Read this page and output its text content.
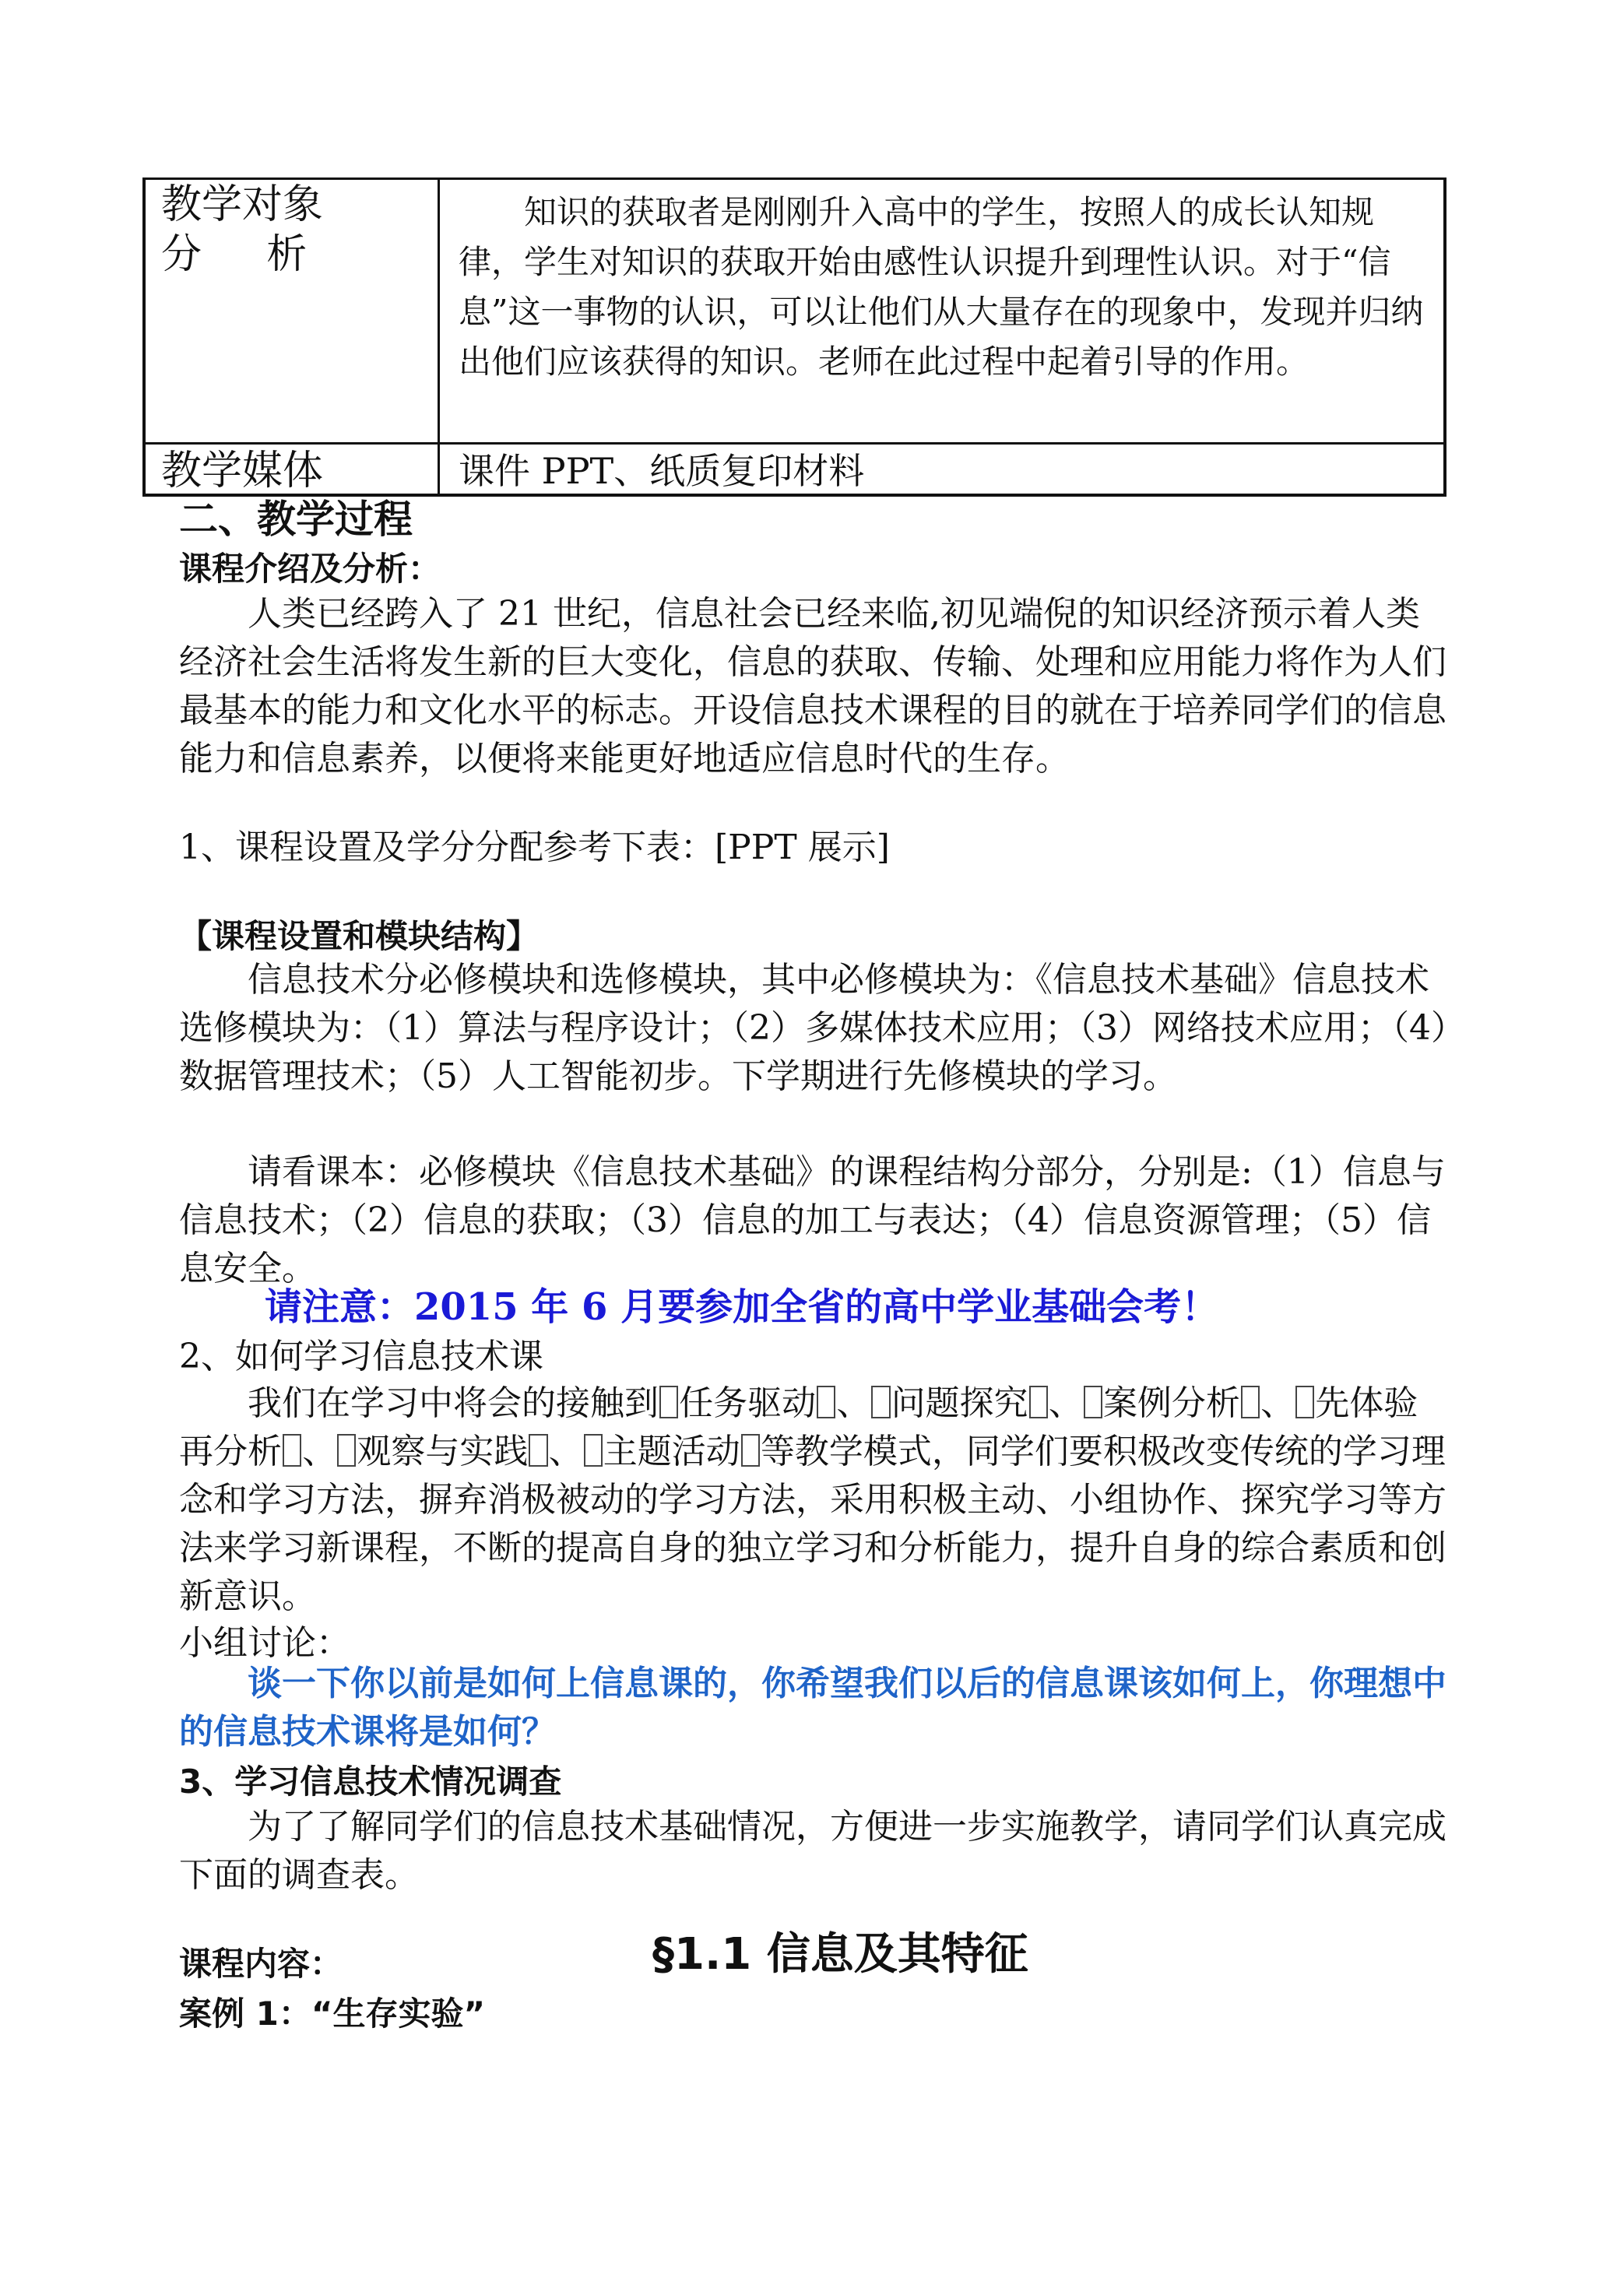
教学对象
分析
知识的获取者是刚刚升入高中的学生，按照人的成长认知规律，学生对知识的获取开始由感性认识提升到理性认识。对于“信息”这一事物的认识，可以让他们从大量存在的现象中，发现并归纳出他们应该获得的知识。老师在此过程中起着引导的作用。
教学媒体	课件 PPT、纸质复印材料
二、教学过程
课程介绍及分析：

人类已经跨入了 21 世纪，信息社会已经来临,初见端倪的知识经济预示着人类经济社会生活将发生新的巨大变化，信息的获取、传输、处理和应用能力将作为人们最基本的能力和文化水平的标志。开设信息技术课程的目的就在于培养同学们的信息能力和信息素养，以便将来能更好地适应信息时代的生存。

1、课程设置及学分分配参考下表：[PPT 展示]
【课程设置和模块结构】

信息技术分必修模块和选修模块，其中必修模块为：《信息技术基础》信息技术选修模块为：（1）算法与程序设计；（2）多媒体技术应用；（3）网络技术应用；（4）数据管理技术；（5）人工智能初步。下学期进行先修模块的学习。

请看课本：必修模块《信息技术基础》的课程结构分部分，分别是:（1）信息与信息技术；（2）信息的获取；（3）信息的加工与表达；（4）信息资源管理；（5）信息安全。

请注意：2015 年 6 月要参加全省的高中学业基础会考！
2、如何学习信息技术课

我们在学习中将会的接触到 任务驱动 、 问题探究 、 案例分析 、 先体验再分析 、 观察与实践 、 主题活动 等教学模式，同学们要积极改变传统的学习理念和学习方法，摒弃消极被动的学习方法，采用积极主动、小组协作、探究学习等方法来学习新课程，不断的提高自身的独立学习和分析能力，提升自身的综合素质和创新意识。

小组讨论：

谈一下你以前是如何上信息课的，你希望我们以后的信息课该如何上，你理想中的信息技术课将是如何？

3、学习信息技术情况调查

为了了解同学们的信息技术基础情况，方便进一步实施教学，请同学们认真完成下面的调查表。

课程内容：	§1.1 信息及其特征
案例 1：“生存实验”
